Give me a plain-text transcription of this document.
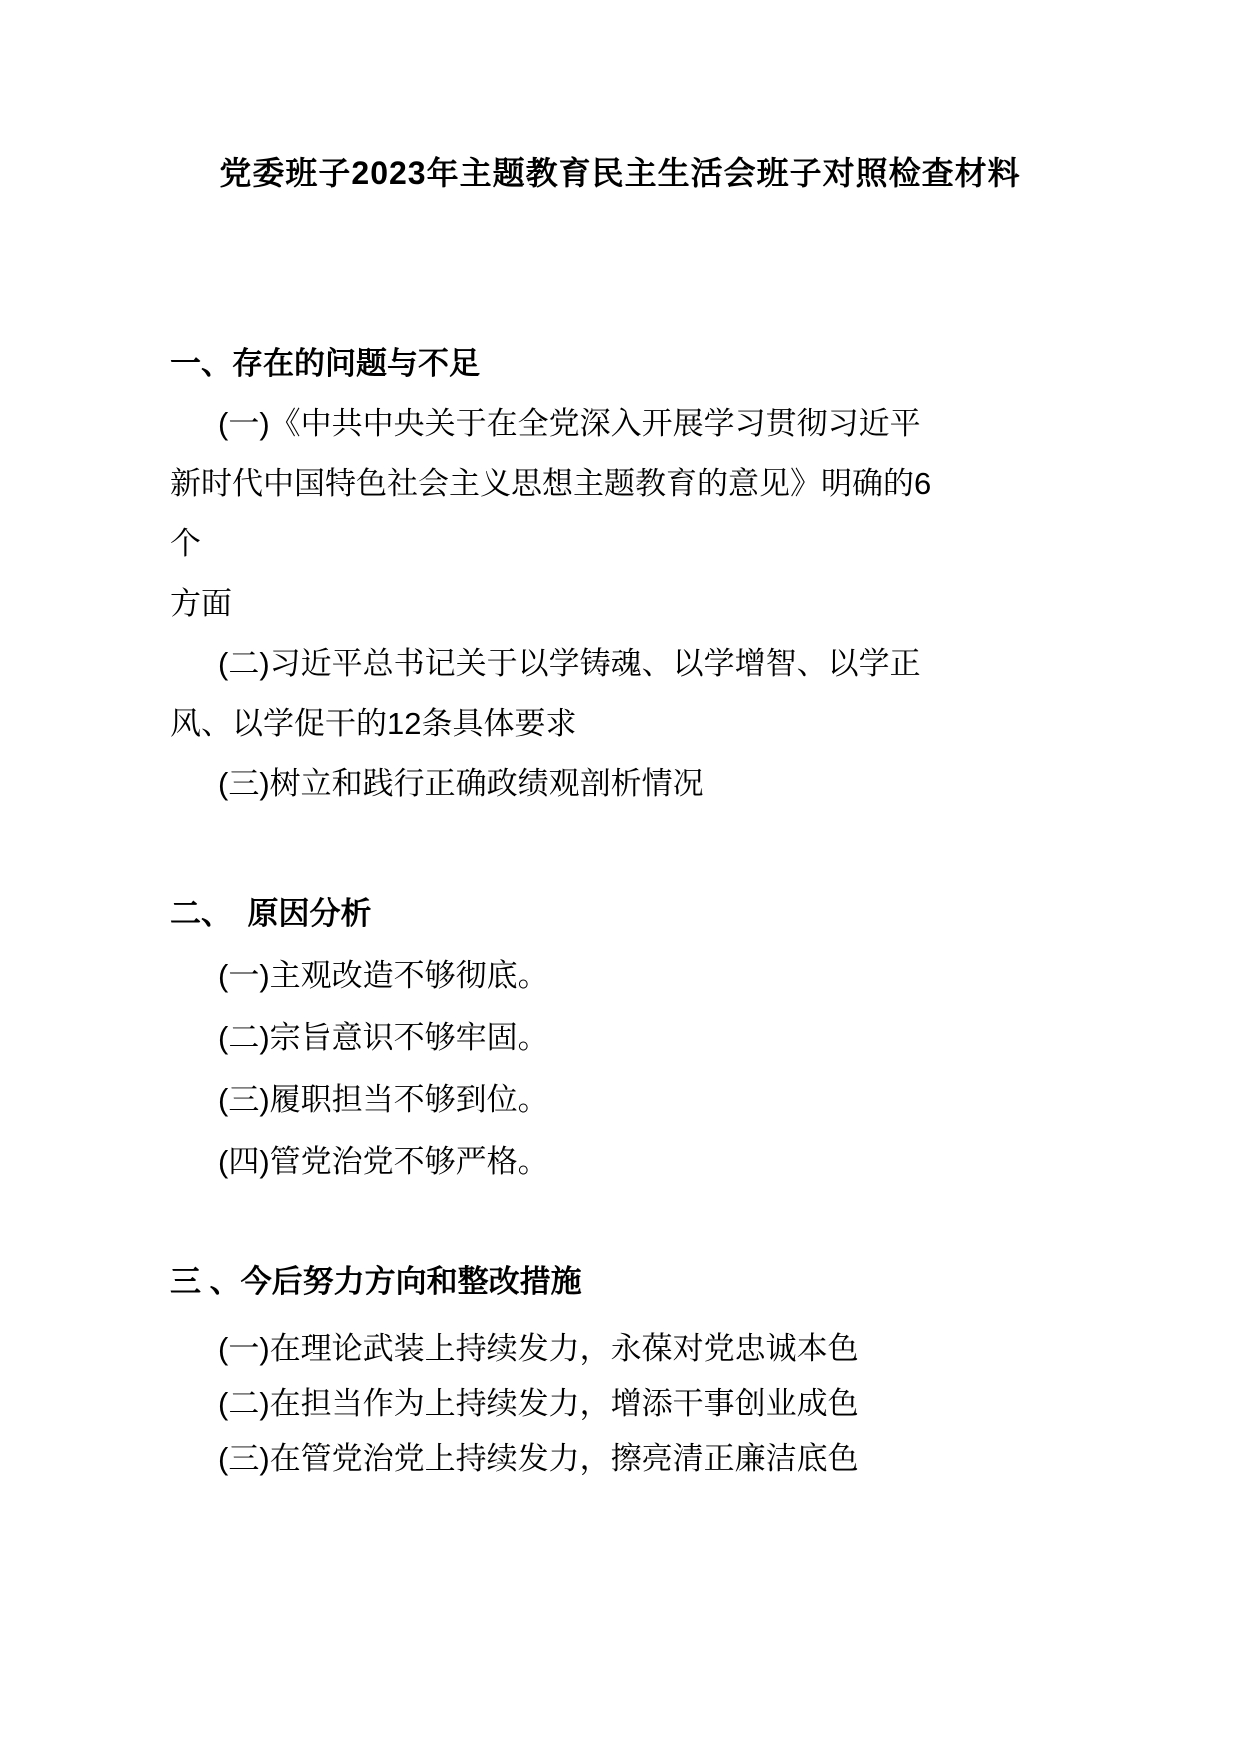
党委班子2023年主题教育民主生活会班子对照检查材料
一、存在的问题与不足
(一)《中共中央关于在全党深入开展学习贯彻习近平
新时代中国特色社会主义思想主题教育的意见》明确的6
个
方面
(二)习近平总书记关于以学铸魂、以学增智、以学正
风、以学促干的12条具体要求
(三)树立和践行正确政绩观剖析情况
二、　原因分析
(一)主观改造不够彻底。
(二)宗旨意识不够牢固。
(三)履职担当不够到位。
(四)管党治党不够严格。
三 、今后努力方向和整改措施
(一)在理论武装上持续发力，永葆对党忠诚本色
(二)在担当作为上持续发力，增添干事创业成色
(三)在管党治党上持续发力，擦亮清正廉洁底色
